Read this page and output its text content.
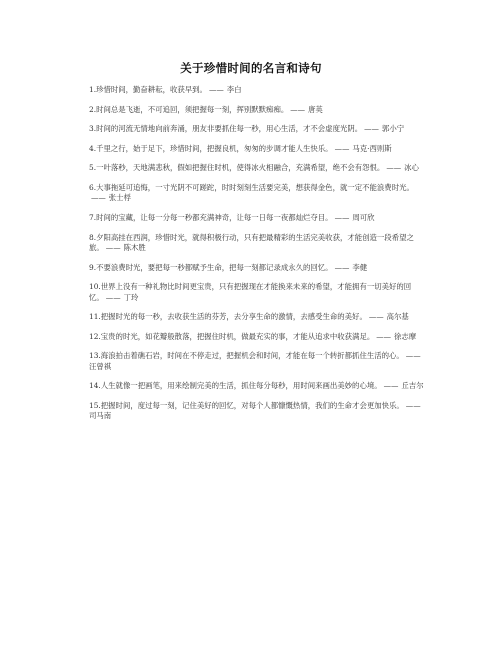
关于珍惜时间的名言和诗句
1.珍惜时间，勤奋耕耘，收获早到。 —— 李白
2.时间总是飞逝，不可追回，须把握每一刻，挥别默默痴痴。 —— 唐英
3.时间的河流无情地向前奔涌，朋友非要抓住每一秒，用心生活，才不会虚度光阴。 —— 郭小宁
4.千里之行，始于足下，珍惜时间，把握良机，匆匆的步调才能人生快乐。 —— 马克·西则斯
5.一叶落秒，天地满悲秋，假如把握住时机，使得冰火相融合，充满希望，绝不会有怨恨。 —— 冰心
6.大事拖延可追悔，一寸光阴不可蹉跎，时时刻刻生活要完美，想获得金色，就一定不能浪费时光。—— 张士桴
7.时间的宝藏，让每一分每一秒都充满神奇，让每一日每一夜都灿烂夺目。 —— 周可欣
8.夕阳高挂在西润，珍惜时光，就得积极行动，只有把最精彩的生活完美收获，才能创造一段希望之旅。 —— 陈木胜
9.不要浪费时光，要把每一秒都赋予生命，把每一刻都记录成永久的回忆。 —— 李健
10.世界上没有一种礼物比时间更宝贵，只有把握现在才能换来未来的希望，才能拥有一切美好的回忆。 —— 丁玲
11.把握时光的每一秒，去收获生活的芬芳，去分享生命的激情，去感受生命的美好。 —— 高尔基
12.宝贵的时光，如花瓣般散落，把握住时机，做最充实的事，才能从追求中收获满足。 —— 徐志摩
13.海浪拍击着礁石岩，时间在不停走过，把握机会和时间，才能在每一个转折都抓住生活的心。 ——汪曾祺
14.人生就像一把画笔，用来绘制完美的生活，抓住每分每秒，用时间来画出美妙的心境。 —— 丘吉尔
15.把握时间，度过每一刻，记住美好的回忆，对每个人都慷慨热情，我们的生命才会更加快乐。 ——司马南
